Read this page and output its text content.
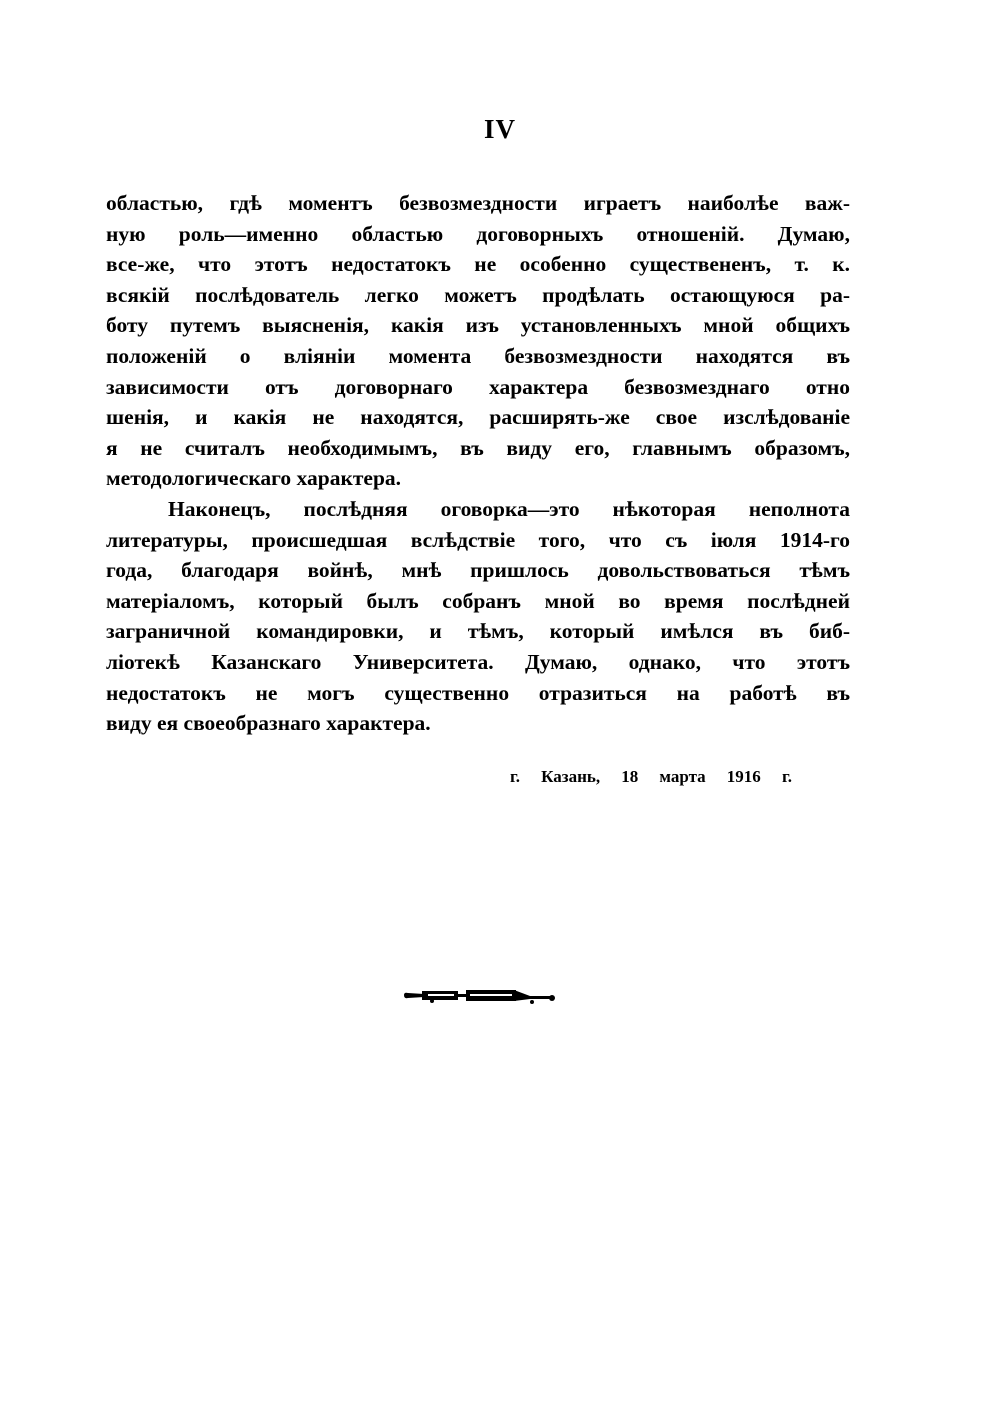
IV
областью, гдѣ моментъ безвозмездности играетъ наиболѣе важ-
ную роль—именно областью договорныхъ отношеній. Думаю,
все-же, что этотъ недостатокъ не особенно существененъ, т. к.
всякій послѣдователь легко можетъ продѣлать остающуюся ра-
боту путемъ выясненія, какія изъ установленныхъ мной общихъ
положеній о вліяніи момента безвозмездности находятся въ
зависимости отъ договорнаго характера безвозмезднаго отно
шенія, и какія не находятся, расширять-же свое изслѣдованіе
я не считалъ необходимымъ, въ виду его, главнымъ образомъ,
методологическаго характера.
Наконецъ, послѣдняя оговорка—это нѣкоторая неполнота
литературы, происшедшая вслѣдствіе того, что съ іюля 1914-го
года, благодаря войнѣ, мнѣ пришлось довольствоваться тѣмъ
матеріаломъ, который былъ собранъ мной во время послѣдней
заграничной командировки, и тѣмъ, который имѣлся въ биб-
ліотекѣ Казанскаго Университета. Думаю, однако, что этотъ
недостатокъ не могъ существенно отразиться на работѣ въ
виду ея своеобразнаго характера.
г. Казань, 18 марта 1916 г.
